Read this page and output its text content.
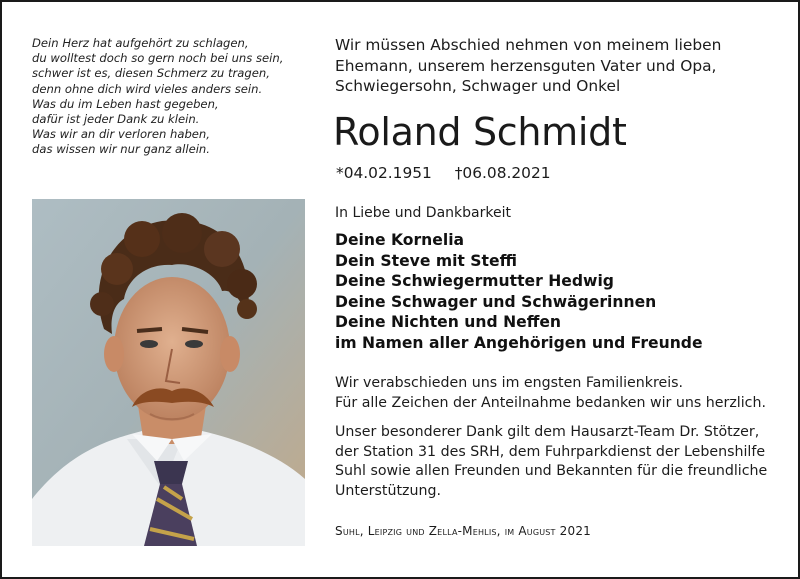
Dein Herz hat aufgehört zu schlagen,
du wolltest doch so gern noch bei uns sein,
schwer ist es, diesen Schmerz zu tragen,
denn ohne dich wird vieles anders sein.
Was du im Leben hast gegeben,
dafür ist jeder Dank zu klein.
Was wir an dir verloren haben,
das wissen wir nur ganz allein.
Wir müssen Abschied nehmen von meinem lieben
Ehemann, unserem herzensguten Vater und Opa,
Schwiegersohn, Schwager und Onkel
Roland Schmidt
*04.02.1951 †06.08.2021
In Liebe und Dankbarkeit
Deine Kornelia
Dein Steve mit Steffi
Deine Schwiegermutter Hedwig
Deine Schwager und Schwägerinnen
Deine Nichten und Neffen
im Namen aller Angehörigen und Freunde
Wir verabschieden uns im engsten Familienkreis.
Für alle Zeichen der Anteilnahme bedanken wir uns herzlich.
Unser besonderer Dank gilt dem Hausarzt-Team Dr. Stötzer,
der Station 31 des SRH, dem Fuhrparkdienst der Lebenshilfe
Suhl sowie allen Freunden und Bekannten für die freundliche
Unterstützung.
Suhl, Leipzig und Zella-Mehlis, im August 2021
